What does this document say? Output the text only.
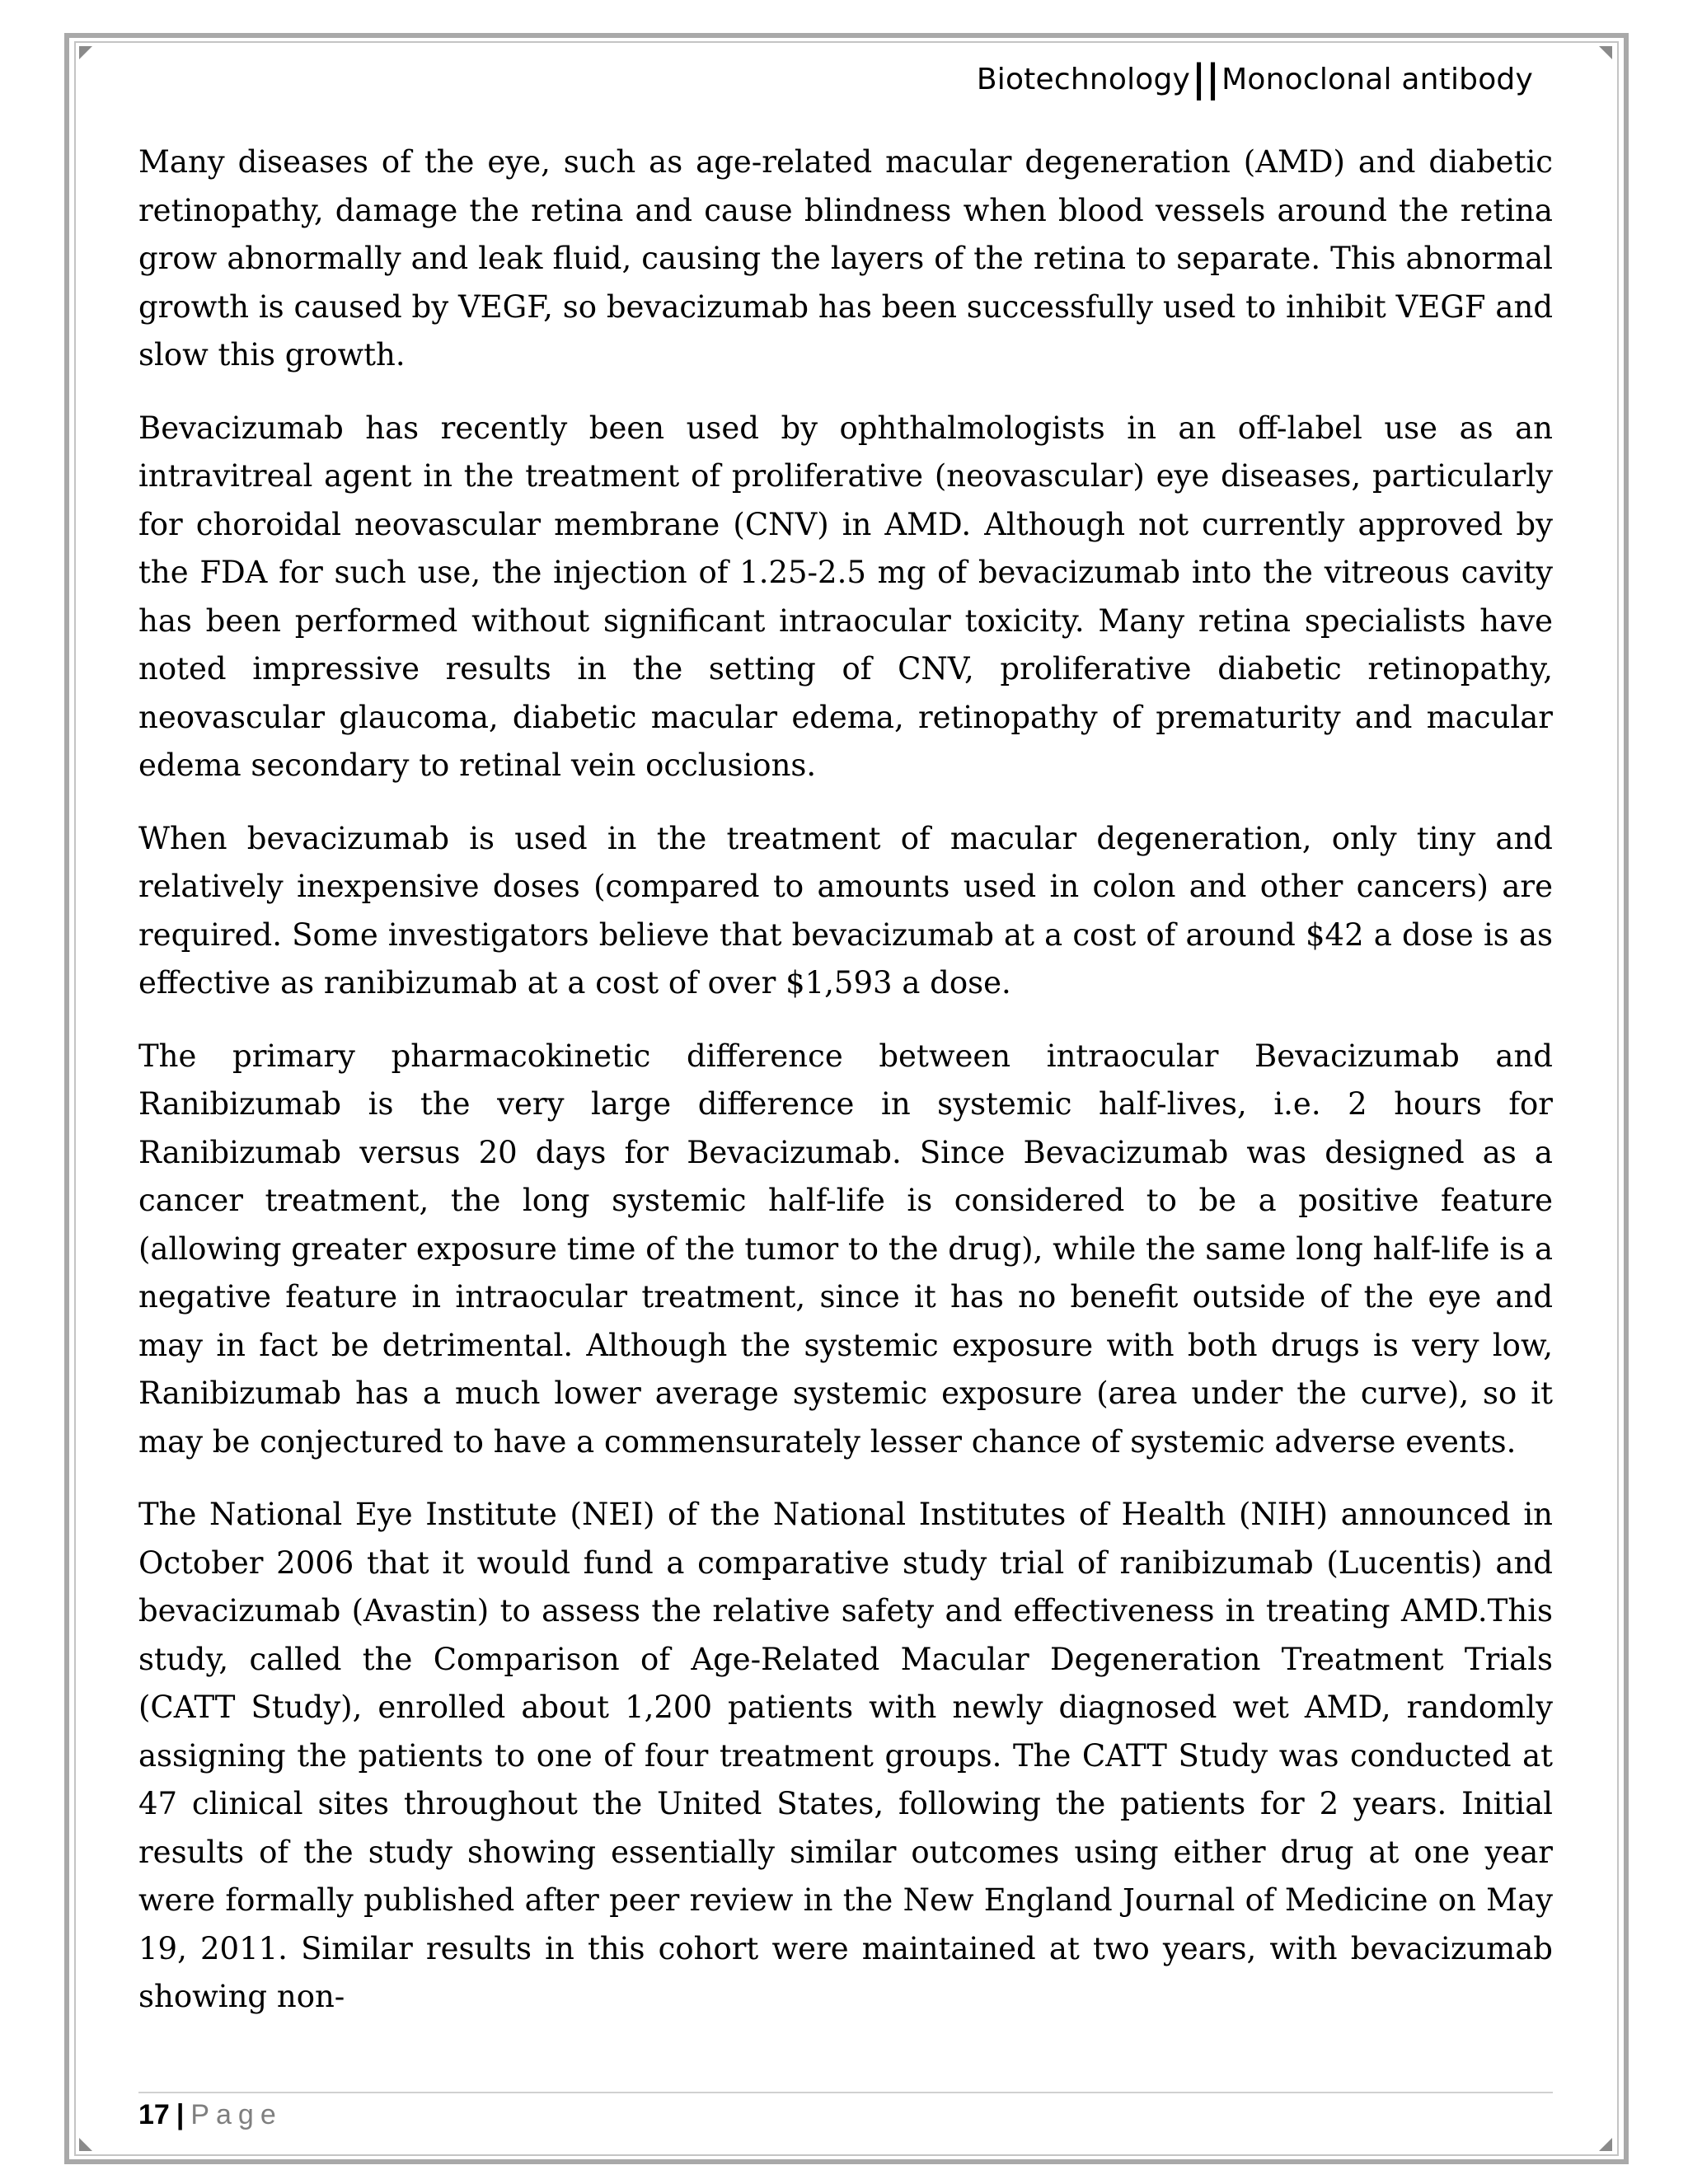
Biotechnology||Monoclonal antibody

Many diseases of the eye, such as age-related macular degeneration (AMD) and diabetic retinopathy, damage the retina and cause blindness when blood vessels around the retina grow abnormally and leak fluid, causing the layers of the retina to separate. This abnormal growth is caused by VEGF, so bevacizumab has been successfully used to inhibit VEGF and slow this growth.

Bevacizumab has recently been used by ophthalmologists in an off-label use as an intravitreal agent in the treatment of proliferative (neovascular) eye diseases, particularly for choroidal neovascular membrane (CNV) in AMD. Although not currently approved by the FDA for such use, the injection of 1.25-2.5 mg of bevacizumab into the vitreous cavity has been performed without significant intraocular toxicity. Many retina specialists have noted impressive results in the setting of CNV, proliferative diabetic retinopathy, neovascular glaucoma, diabetic macular edema, retinopathy of prematurity and macular edema secondary to retinal vein occlusions.

When bevacizumab is used in the treatment of macular degeneration, only tiny and relatively inexpensive doses (compared to amounts used in colon and other cancers) are required. Some investigators believe that bevacizumab at a cost of around $42 a dose is as effective as ranibizumab at a cost of over $1,593 a dose.

The primary pharmacokinetic difference between intraocular Bevacizumab and Ranibizumab is the very large difference in systemic half-lives, i.e. 2 hours for Ranibizumab versus 20 days for Bevacizumab. Since Bevacizumab was designed as a cancer treatment, the long systemic half-life is considered to be a positive feature (allowing greater exposure time of the tumor to the drug), while the same long half-life is a negative feature in intraocular treatment, since it has no benefit outside of the eye and may in fact be detrimental. Although the systemic exposure with both drugs is very low, Ranibizumab has a much lower average systemic exposure (area under the curve), so it may be conjectured to have a commensurately lesser chance of systemic adverse events.

The National Eye Institute (NEI) of the National Institutes of Health (NIH) announced in October 2006 that it would fund a comparative study trial of ranibizumab (Lucentis) and bevacizumab (Avastin) to assess the relative safety and effectiveness in treating AMD.This study, called the Comparison of Age-Related Macular Degeneration Treatment Trials (CATT Study), enrolled about 1,200 patients with newly diagnosed wet AMD, randomly assigning the patients to one of four treatment groups. The CATT Study was conducted at 47 clinical sites throughout the United States, following the patients for 2 years. Initial results of the study showing essentially similar outcomes using either drug at one year were formally published after peer review in the New England Journal of Medicine on May 19, 2011. Similar results in this cohort were maintained at two years, with bevacizumab showing non-

17 | Page
